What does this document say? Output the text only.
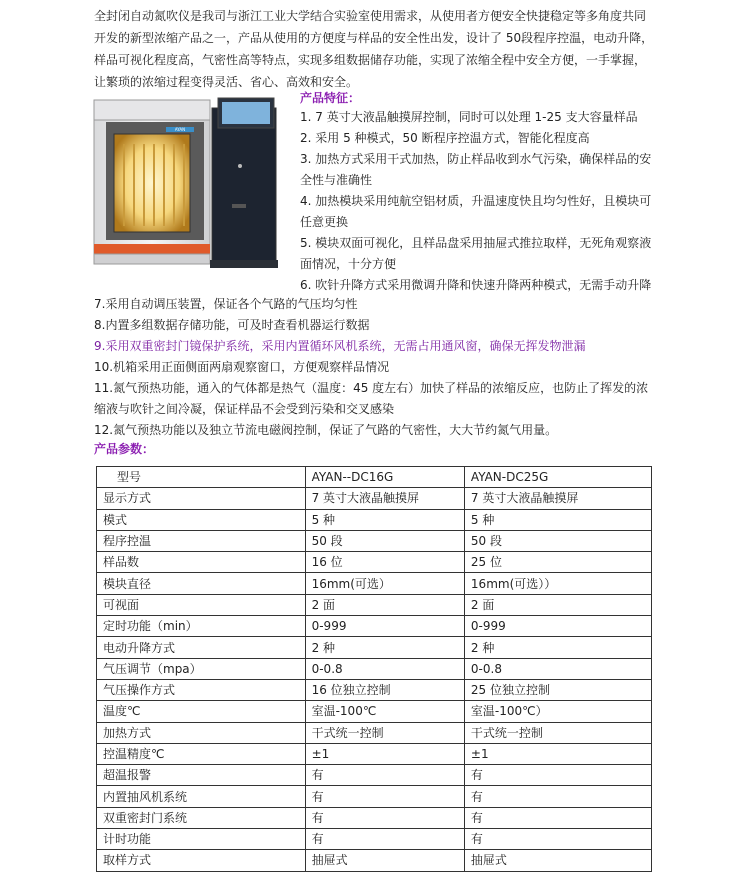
全封闭自动氮吹仪是我司与浙江工业大学结合实验室使用需求，从使用者方便安全快捷稳定等多角度共同开发的新型浓缩产品之一，产品从使用的方便度与样品的安全性出发，设计了 50段程序控温，电动升降，样品可视化程度高，气密性高等特点，实现多组数据储存功能，实现了浓缩全程中安全方便，一手掌握，让繁琐的浓缩过程变得灵活、省心、高效和安全。
AYAN
产品特征：
1. 7 英寸大液晶触摸屏控制，同时可以处理 1-25 支大容量样品
2. 采用 5 种模式，50 断程序控温方式，智能化程度高
3. 加热方式采用干式加热，防止样品收到水气污染，确保样品的安全性与准确性
4. 加热模块采用纯航空铝材质，升温速度快且均匀性好，且模块可任意更换
5. 模块双面可视化，且样品盘采用抽屉式推拉取样，无死角观察液面情况，十分方便
6. 吹针升降方式采用微调升降和快速升降两种模式，无需手动升降
7.采用自动调压装置，保证各个气路的气压均匀性
8.内置多组数据存储功能，可及时查看机器运行数据
9.采用双重密封门镜保护系统，采用内置循环风机系统，无需占用通风窗，确保无挥发物泄漏
10.机箱采用正面侧面两扇观察窗口，方便观察样品情况
11.氮气预热功能，通入的气体都是热气（温度：45 度左右）加快了样品的浓缩反应，也防止了挥发的浓缩液与吹针之间冷凝，保证样品不会受到污染和交叉感染
12.氮气预热功能以及独立节流电磁阀控制，保证了气路的气密性，大大节约氮气用量。
产品参数：
型号	AYAN--DC16G	AYAN-DC25G
显示方式	7 英寸大液晶触摸屏	7 英寸大液晶触摸屏
模式	5 种	5 种
程序控温	50 段	50 段
样品数	16 位	25 位
模块直径	16mm(可选）	16mm(可选））
可视面	2 面	2 面
定时功能（min）	0-999	0-999
电动升降方式	2 种	2 种
气压调节（mpa）	0-0.8	0-0.8
气压操作方式	16 位独立控制	25 位独立控制
温度℃	室温-100℃	室温-100℃）
加热方式	干式统一控制	干式统一控制
控温精度℃	±1	±1
超温报警	有	有
内置抽风机系统	有	有
双重密封门系统	有	有
计时功能	有	有
取样方式	抽屉式	抽屉式
